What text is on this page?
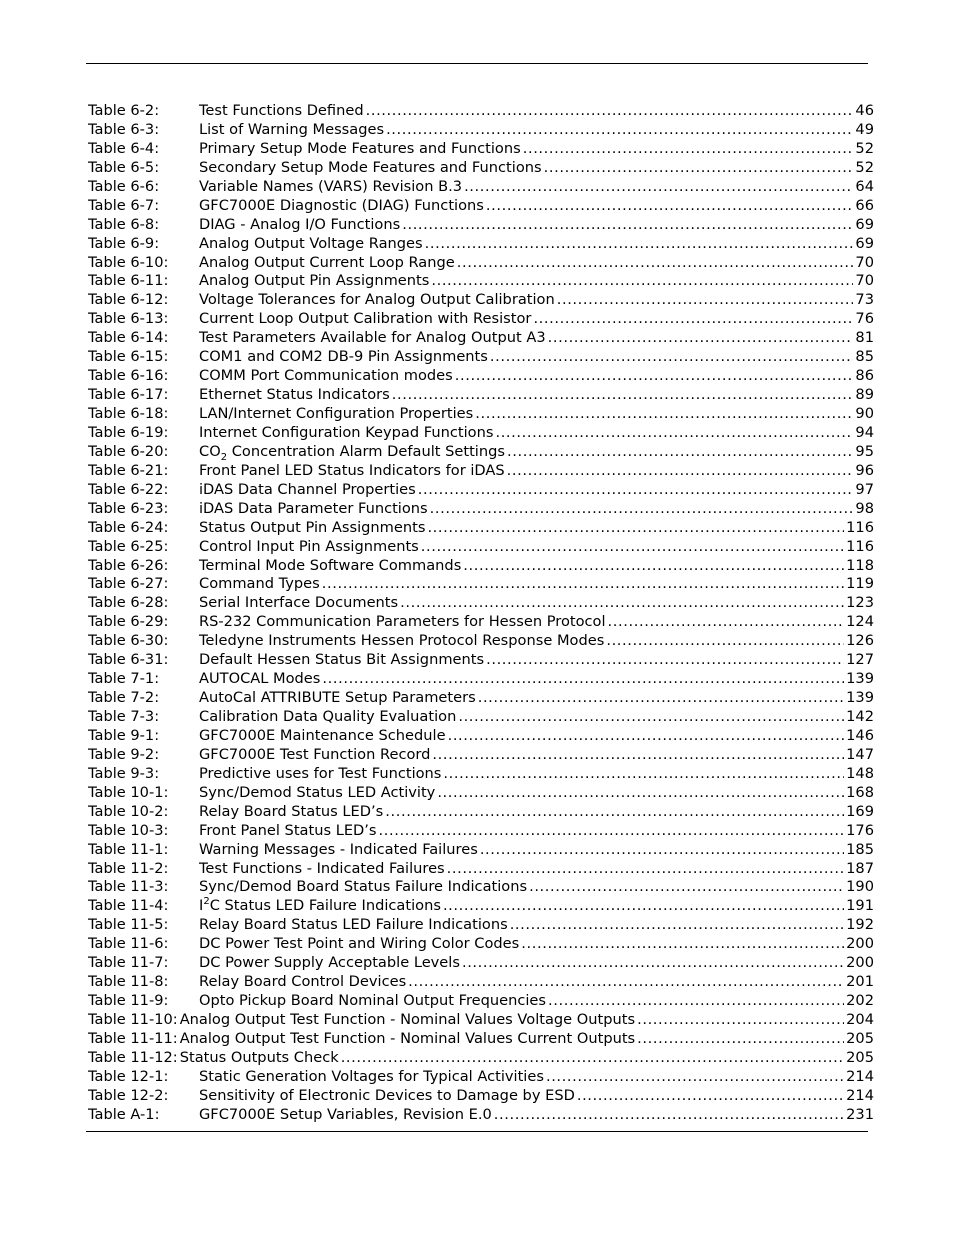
Table 6-2:	Test Functions Defined .....	46
Table 6-3:	List of Warning Messages .....	49
Table 6-4:	Primary Setup Mode Features and Functions .....	52
Table 6-5:	Secondary Setup Mode Features and Functions .....	52
Table 6-6:	Variable Names (VARS) Revision B.3 .....	64
Table 6-7:	GFC7000E Diagnostic (DIAG) Functions .....	66
Table 6-8:	DIAG - Analog I/O Functions .....	69
Table 6-9:	Analog Output Voltage Ranges .....	69
Table 6-10:	Analog Output Current Loop Range .....	70
Table 6-11:	Analog Output Pin Assignments .....	70
Table 6-12:	Voltage Tolerances for Analog Output Calibration .....	73
Table 6-13:	Current Loop Output Calibration with Resistor .....	76
Table 6-14:	Test Parameters Available for Analog Output A3 .....	81
Table 6-15:	COM1 and COM2 DB-9 Pin Assignments .....	85
Table 6-16:	COMM Port Communication modes .....	86
Table 6-17:	Ethernet Status Indicators .....	89
Table 6-18:	LAN/Internet Configuration Properties .....	90
Table 6-19:	Internet Configuration Keypad Functions .....	94
Table 6-20:	$CO_2$ Concentration Alarm Default Settings .....	95
Table 6-21:	Front Panel LED Status Indicators for iDAS .....	96
Table 6-22:	iDAS Data Channel Properties .....	97
Table 6-23:	iDAS Data Parameter Functions .....	98
Table 6-24:	Status Output Pin Assignments .....	116
Table 6-25:	Control Input Pin Assignments .....	116
Table 6-26:	Terminal Mode Software Commands .....	118
Table 6-27:	Command Types .....	119
Table 6-28:	Serial Interface Documents .....	123
Table 6-29:	RS-232 Communication Parameters for Hessen Protocol .....	124
Table 6-30:	Teledyne Instruments Hessen Protocol Response Modes .....	126
Table 6-31:	Default Hessen Status Bit Assignments .....	127
Table 7-1:	AUTOCAL Modes .....	139
Table 7-2:	AutoCal ATTRIBUTE Setup Parameters .....	139
Table 7-3:	Calibration Data Quality Evaluation .....	142
Table 9-1:	GFC7000E Maintenance Schedule .....	146
Table 9-2:	GFC7000E Test Function Record .....	147
Table 9-3:	Predictive uses for Test Functions .....	148
Table 10-1:	Sync/Demod Status LED Activity .....	168
Table 10-2:	Relay Board Status LED’s .....	169
Table 10-3:	Front Panel Status LED’s .....	176
Table 11-1:	Warning Messages - Indicated Failures .....	185
Table 11-2:	Test Functions - Indicated Failures .....	187
Table 11-3:	Sync/Demod Board Status Failure Indications .....	190
Table 11-4:	$I^2C$ Status LED Failure Indications .....	191
Table 11-5:	Relay Board Status LED Failure Indications .....	192
Table 11-6:	DC Power Test Point and Wiring Color Codes .....	200
Table 11-7:	DC Power Supply Acceptable Levels .....	200
Table 11-8:	Relay Board Control Devices .....	201
Table 11-9:	Opto Pickup Board Nominal Output Frequencies .....	202
Table 11-10: Analog Output Test Function - Nominal Values Voltage Outputs .....	204
Table 11-11: Analog Output Test Function - Nominal Values Current Outputs .....	205
Table 11-12: Status Outputs Check .....	205
Table 12-1:	Static Generation Voltages for Typical Activities .....	214
Table 12-2:	Sensitivity of Electronic Devices to Damage by ESD .....	214
Table A-1:	GFC7000E Setup Variables, Revision E.0 .....	231
